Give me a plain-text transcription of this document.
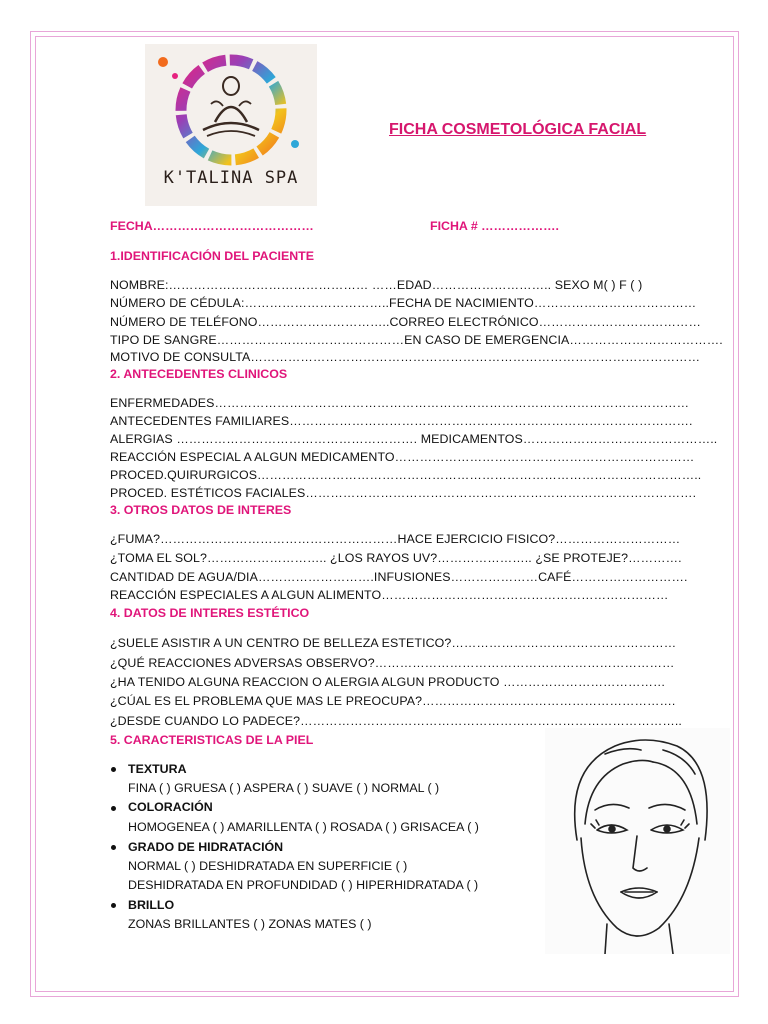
K'TALINA SPA
FICHA COSMETOLÓGICA FACIAL
FECHA…………………………………	FICHA # ……………….
1.IDENTIFICACIÓN DEL PACIENTE
NOMBRE:………………………………………… ……EDAD……………………….. SEXO M( ) F ( )
NÚMERO DE CÉDULA:……………………………..FECHA DE NACIMIENTO…………………………………
NÚMERO DE TELÉFONO…………………………..CORREO ELECTRÓNICO…………………………………
TIPO DE SANGRE………………………………………EN CASO DE EMERGENCIA……………………………….
MOTIVO DE CONSULTA………………………………………………………………………………………………
2. ANTECEDENTES CLINICOS
ENFERMEDADES……………………………………………………………………………………………………
ANTECEDENTES FAMILIARES…………………………………………………………………………………….
ALERGIAS …………………………………………………. MEDICAMENTOS………………………………………..
REACCIÓN ESPECIAL A ALGUN MEDICAMENTO………………………………………………………………
PROCED.QUIRURGICOS……………………………………………………………………………………………..
PROCED. ESTÉTICOS FACIALES………………………………………………………………………………….
3. OTROS DATOS DE INTERES
¿FUMA?…………………………………………………HACE EJERCICIO FISICO?…………………………
¿TOMA EL SOL?……………………….. ¿LOS RAYOS UV?………………….. ¿SE PROTEJE?………….
CANTIDAD DE AGUA/DIA……………………….INFUSIONES…………………CAFÉ……………………….
REACCIÓN ESPECIALES A ALGUN ALIMENTO……………………………………………………………
4. DATOS DE INTERES ESTÉTICO
¿SUELE ASISTIR A UN CENTRO DE BELLEZA ESTETICO?………………………………………………
¿QUÉ REACCIONES ADVERSAS OBSERVO?………………………………………………………………
¿HA TENIDO ALGUNA REACCION O ALERGIA ALGUN PRODUCTO …………………………………
¿CÚAL ES EL PROBLEMA QUE MAS LE PREOCUPA?…………………………………………………….
¿DESDE CUANDO LO PADECE?………………………………………………………………………………..
5. CARACTERISTICAS DE LA PIEL
TEXTURA
FINA ( ) GRUESA ( ) ASPERA ( ) SUAVE ( ) NORMAL ( )
COLORACIÓN
HOMOGENEA ( ) AMARILLENTA ( ) ROSADA ( ) GRISACEA ( )
GRADO DE HIDRATACIÓN
NORMAL ( ) DESHIDRATADA EN SUPERFICIE ( )
DESHIDRATADA EN PROFUNDIDAD ( ) HIPERHIDRATADA ( )
BRILLO
ZONAS BRILLANTES ( ) ZONAS MATES ( )
